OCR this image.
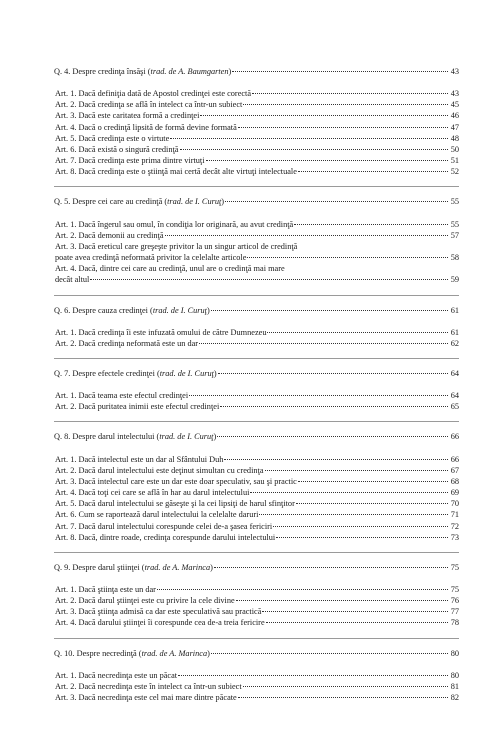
Q. 4. Despre credinţa însăşi (trad. de A. Baumgarten)	43
Art. 1. Dacă definiţia dată de Apostol credinţei este corectă	43
Art. 2. Dacă credinţa se află în intelect ca într-un subiect	45
Art. 3. Dacă este caritatea formă a credinţei	46
Art. 4. Dacă o credinţă lipsită de formă devine formată	47
Art. 5. Dacă credinţa este o virtute	48
Art. 6. Dacă există o singură credinţă	50
Art. 7. Dacă credinţa este prima dintre virtuţi	51
Art. 8. Dacă credinţa este o ştiinţă mai certă decât alte virtuţi intelectuale	52
Q. 5. Despre cei care au credinţă (trad. de I. Curuţ)	55
Art. 1. Dacă îngerul sau omul, în condiţia lor originară, au avut credinţă	55
Art. 2. Dacă demonii au credinţă	57
Art. 3. Dacă ereticul care greşeşte privitor la un singur articol de credinţă
poate avea credinţă neformată privitor la celelalte articole	58
Art. 4. Dacă, dintre cei care au credinţă, unul are o credinţă mai mare
decât altul	59
Q. 6. Despre cauza credinţei (trad. de I. Curuţ)	61
Art. 1. Dacă credinţa îi este infuzată omului de către Dumnezeu	61
Art. 2. Dacă credinţa neformată este un dar	62
Q. 7. Despre efectele credinţei (trad. de I. Curuţ)	64
Art. 1. Dacă teama este efectul credinţei	64
Art. 2. Dacă puritatea inimii este efectul credinţei	65
Q. 8. Despre darul intelectului (trad. de I. Curuţ)	66
Art. 1. Dacă intelectul este un dar al Sfântului Duh	66
Art. 2. Dacă darul intelectului este deţinut simultan cu credinţa	67
Art. 3. Dacă intelectul care este un dar este doar speculativ, sau şi practic	68
Art. 4. Dacă toţi cei care se află în har au darul intelectului	69
Art. 5. Dacă darul intelectului se găseşte şi la cei lipsiţi de harul sfinţitor	70
Art. 6. Cum se raportează darul intelectului la celelalte daruri	71
Art. 7. Dacă darul intelectului corespunde celei de-a şasea fericiri	72
Art. 8. Dacă, dintre roade, credinţa corespunde darului intelectului	73
Q. 9. Despre darul ştiinţei (trad. de A. Marinca)	75
Art. 1. Dacă ştiinţa este un dar	75
Art. 2. Dacă darul ştiinţei este cu privire la cele divine	76
Art. 3. Dacă ştiinţa admisă ca dar este speculativă sau practică	77
Art. 4. Dacă darului ştiinţei îi corespunde cea de-a treia fericire	78
Q. 10. Despre necredinţă (trad. de A. Marinca)	80
Art. 1. Dacă necredinţa este un păcat	80
Art. 2. Dacă necredinţa este în intelect ca într-un subiect	81
Art. 3. Dacă necredinţa este cel mai mare dintre păcate	82
